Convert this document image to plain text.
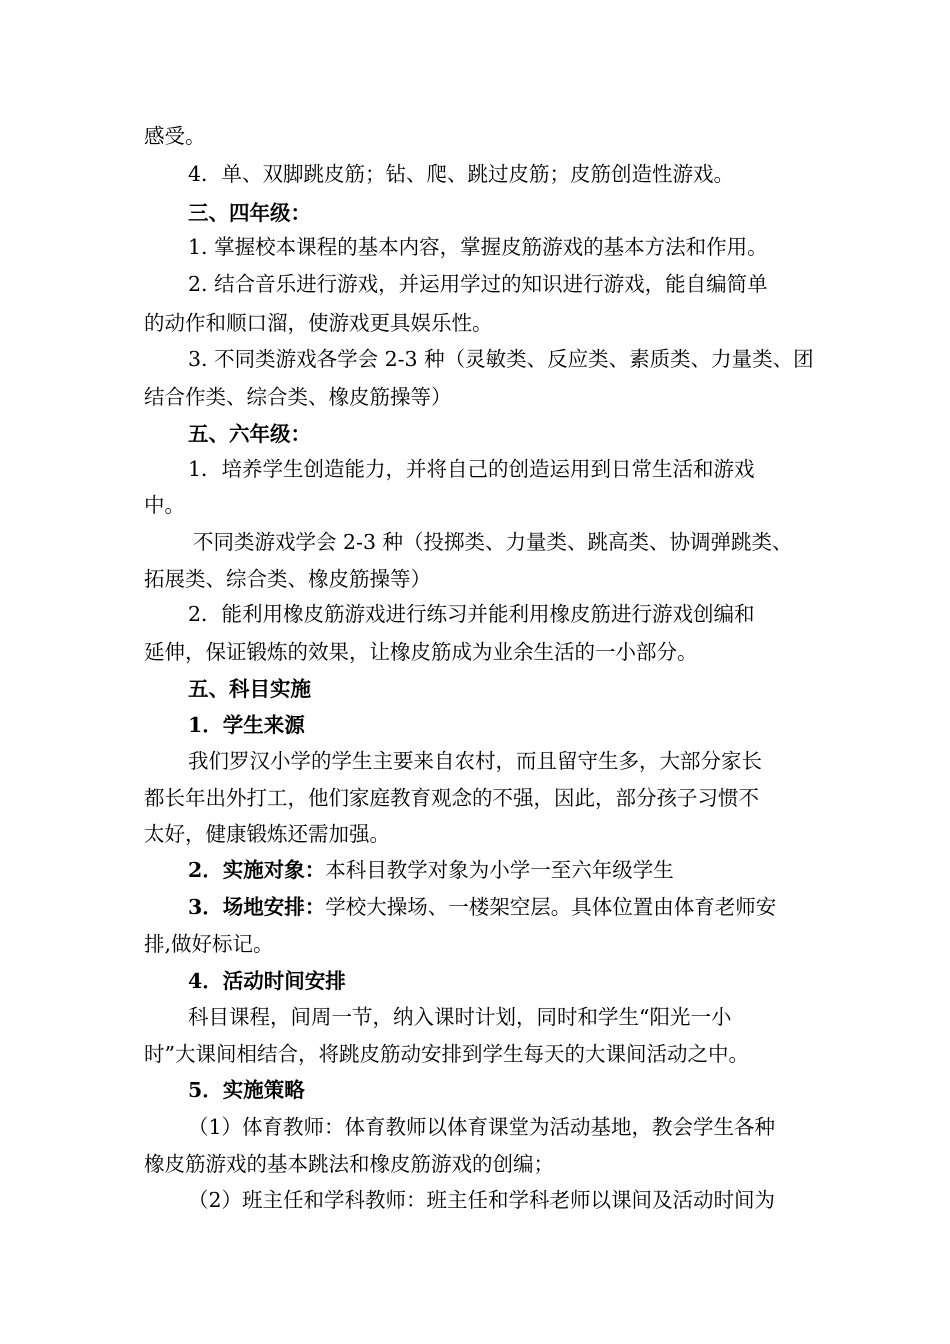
感受。
4．单、双脚跳皮筋；钻、爬、跳过皮筋；皮筋创造性游戏。
三、四年级：
1. 掌握校本课程的基本内容，掌握皮筋游戏的基本方法和作用。
2. 结合音乐进行游戏，并运用学过的知识进行游戏，能自编简单
的动作和顺口溜，使游戏更具娱乐性。
3. 不同类游戏各学会 2-3 种（灵敏类、反应类、素质类、力量类、团
结合作类、综合类、橡皮筋操等）
五、六年级：
1．培养学生创造能力，并将自己的创造运用到日常生活和游戏
中。
不同类游戏学会 2-3 种（投掷类、力量类、跳高类、协调弹跳类、
拓展类、综合类、橡皮筋操等）
2．能利用橡皮筋游戏进行练习并能利用橡皮筋进行游戏创编和
延伸，保证锻炼的效果，让橡皮筋成为业余生活的一小部分。
五、科目实施
1．学生来源
我们罗汉小学的学生主要来自农村，而且留守生多，大部分家长
都长年出外打工，他们家庭教育观念的不强，因此，部分孩子习惯不
太好，健康锻炼还需加强。
2．实施对象：本科目教学对象为小学一至六年级学生
3．场地安排：学校大操场、一楼架空层。具体位置由体育老师安
排,做好标记。
4．活动时间安排
科目课程，间周一节，纳入课时计划，同时和学生“阳光一小
时”大课间相结合，将跳皮筋动安排到学生每天的大课间活动之中。
5．实施策略
（1）体育教师：体育教师以体育课堂为活动基地，教会学生各种
橡皮筋游戏的基本跳法和橡皮筋游戏的创编；
（2）班主任和学科教师：班主任和学科老师以课间及活动时间为
